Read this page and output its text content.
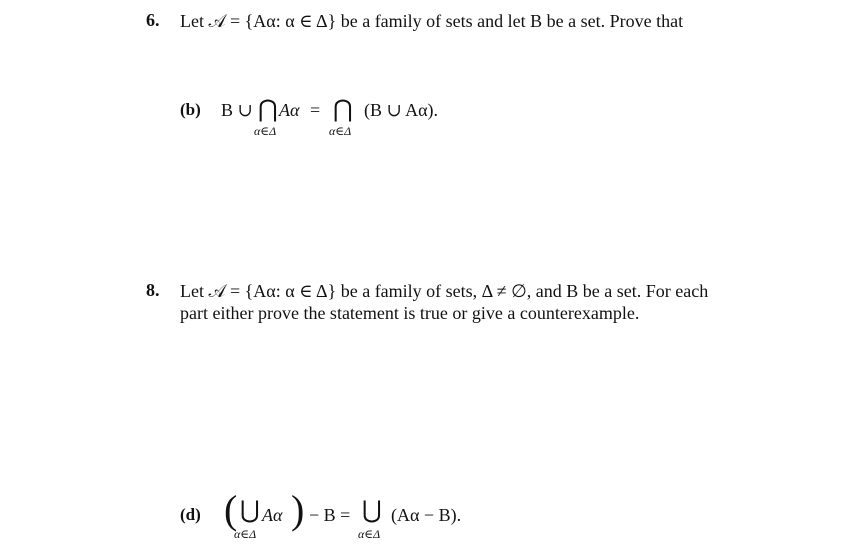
6. Let 𝒜 = {Aα: α ∈ Δ} be a family of sets and let B be a set. Prove that
(b) B ∪ ⋂ Aα = ⋂ (B ∪ Aα).
α∈Δ	α∈Δ
8. Let 𝒜 = {Aα: α ∈ Δ} be a family of sets, Δ ≠ ∅, and B be a set. For each
part either prove the statement is true or give a counterexample.
(d) ( ⋃ Aα ) − B = ⋃ (Aα − B).
α∈Δ	α∈Δ
